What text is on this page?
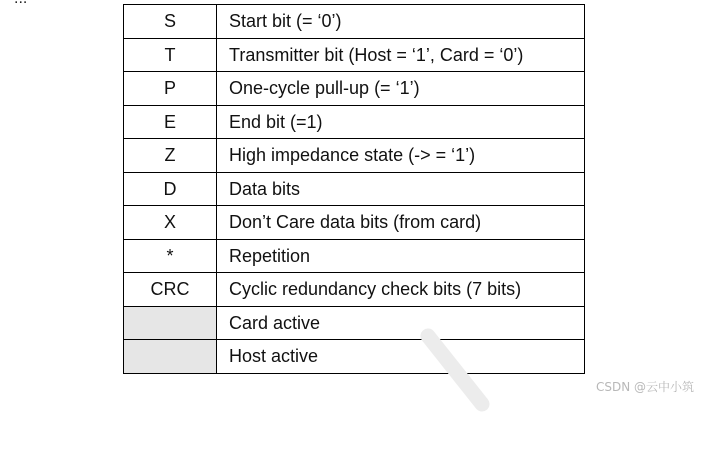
S	Start bit (= ‘0’)
T	Transmitter bit (Host = ‘1’, Card = ‘0’)
P	One-cycle pull-up (= ‘1’)
E	End bit (=1)
Z	High impedance state (-> = ‘1’)
D	Data bits
X	Don’t Care data bits (from card)
*	Repetition
CRC	Cyclic redundancy check bits (7 bits)
	Card active
	Host active
CSDN @云中小筑
